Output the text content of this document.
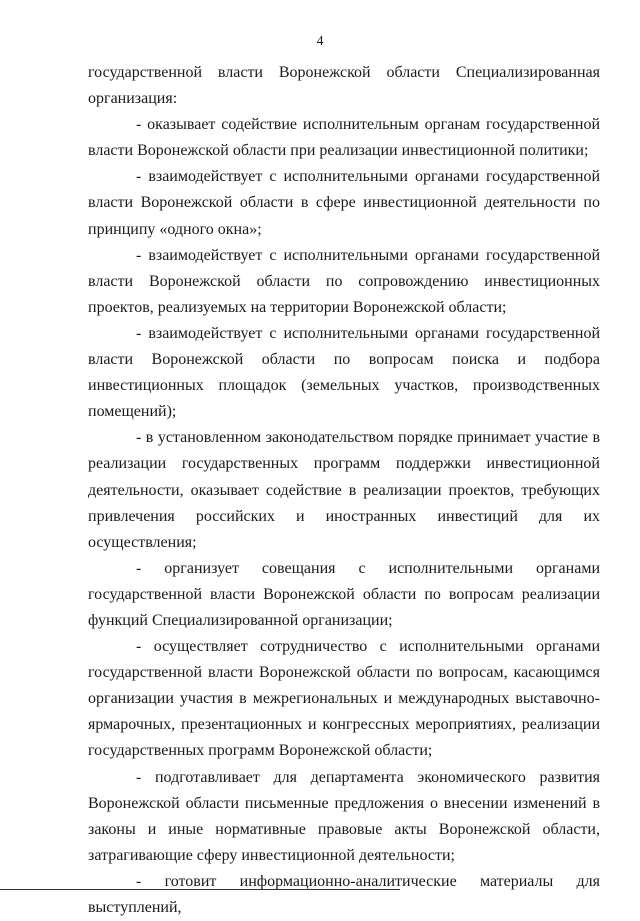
4

государственной власти Воронежской области Специализированная организация:

- оказывает содействие исполнительным органам государственной власти Воронежской области при реализации инвестиционной политики;

- взаимодействует с исполнительными органами государственной власти Воронежской области в сфере инвестиционной деятельности по принципу «одного окна»;

- взаимодействует с исполнительными органами государственной власти Воронежской области по сопровождению инвестиционных проектов, реализуемых на территории Воронежской области;

- взаимодействует с исполнительными органами государственной власти Воронежской области по вопросам поиска и подбора инвестиционных площадок (земельных участков, производственных помещений);

- в установленном законодательством порядке принимает участие в реализации государственных программ поддержки инвестиционной деятельности, оказывает содействие в реализации проектов, требующих привлечения российских и иностранных инвестиций для их осуществления;

- организует совещания с исполнительными органами государственной власти Воронежской области по вопросам реализации функций Специализированной организации;

- осуществляет сотрудничество с исполнительными органами государственной власти Воронежской области по вопросам, касающимся организации участия в межрегиональных и международных выставочно-ярмарочных, презентационных и конгрессных мероприятиях, реализации государственных программ Воронежской области;

- подготавливает для департамента экономического развития Воронежской области письменные предложения о внесении изменений в законы и иные нормативные правовые акты Воронежской области, затрагивающие сферу инвестиционной деятельности;

- готовит информационно-аналитические материалы для выступлений,
